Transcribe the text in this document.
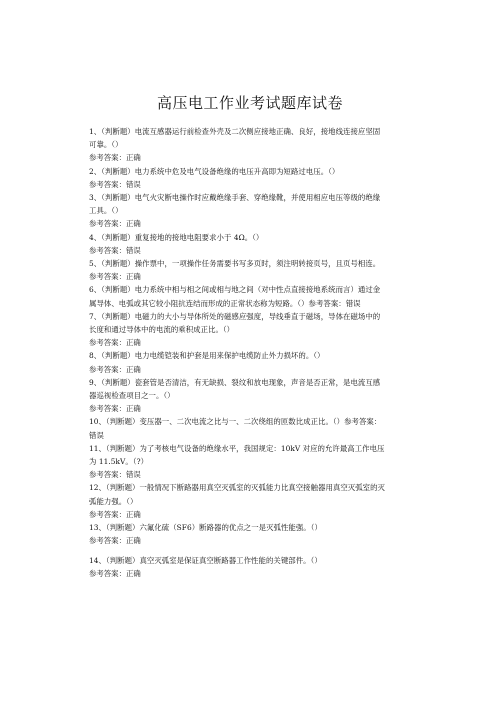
高压电工作业考试题库试卷

1、（判断题）电流互感器运行前检查外壳及二次侧应接地正确、良好，接地线连接应坚固

可靠。（）

参考答案：正确

2、（判断题）电力系统中危及电气设备绝缘的电压升高即为短路过电压。（）

参考答案：错误

3、（判断题）电气火灾断电操作时应戴绝缘手套、穿绝缘靴，并使用相应电压等级的绝缘

工具。（）

参考答案：正确

4、（判断题）重复接地的接地电阻要求小于 4Ω。（）

参考答案：错误

5、（判断题）操作票中，一项操作任务需要书写多页时，须注明转接页号，且页号相连。

参考答案：正确

6、（判断题）电力系统中相与相之间或相与地之间（对中性点直接接地系统而言）通过金

属导体、电弧或其它较小阻抗连结而形成的正常状态称为短路。（）参考答案：错误

7、（判断题）电磁力的大小与导体所处的磁感应强度，导线垂直于磁场，导体在磁场中的

长度和通过导体中的电流的乘积成正比。（）

参考答案：正确

8、（判断题）电力电缆铠装和护套是用来保护电缆防止外力损坏的。（）

参考答案：正确

9、（判断题）瓷套管是否清洁，有无缺损、裂纹和放电现象，声音是否正常，是电流互感

器巡视检查项目之一。（）

参考答案：正确

10、（判断题）变压器一、二次电流之比与一、二次绕组的匝数比成正比。（）参考答案：

错误

11、（判断题）为了考核电气设备的绝缘水平，我国规定：10kV 对应的允许最高工作电压

为 11.5kV。（?）

参考答案：错误

12、（判断题）一般情况下断路器用真空灭弧室的灭弧能力比真空接触器用真空灭弧室的灭

弧能力强。（）

参考答案：正确

13、（判断题）六氟化硫（SF6）断路器的优点之一是灭弧性能强。（）

参考答案：正确

14、（判断题）真空灭弧室是保证真空断路器工作性能的关键部件。（）

参考答案：正确
